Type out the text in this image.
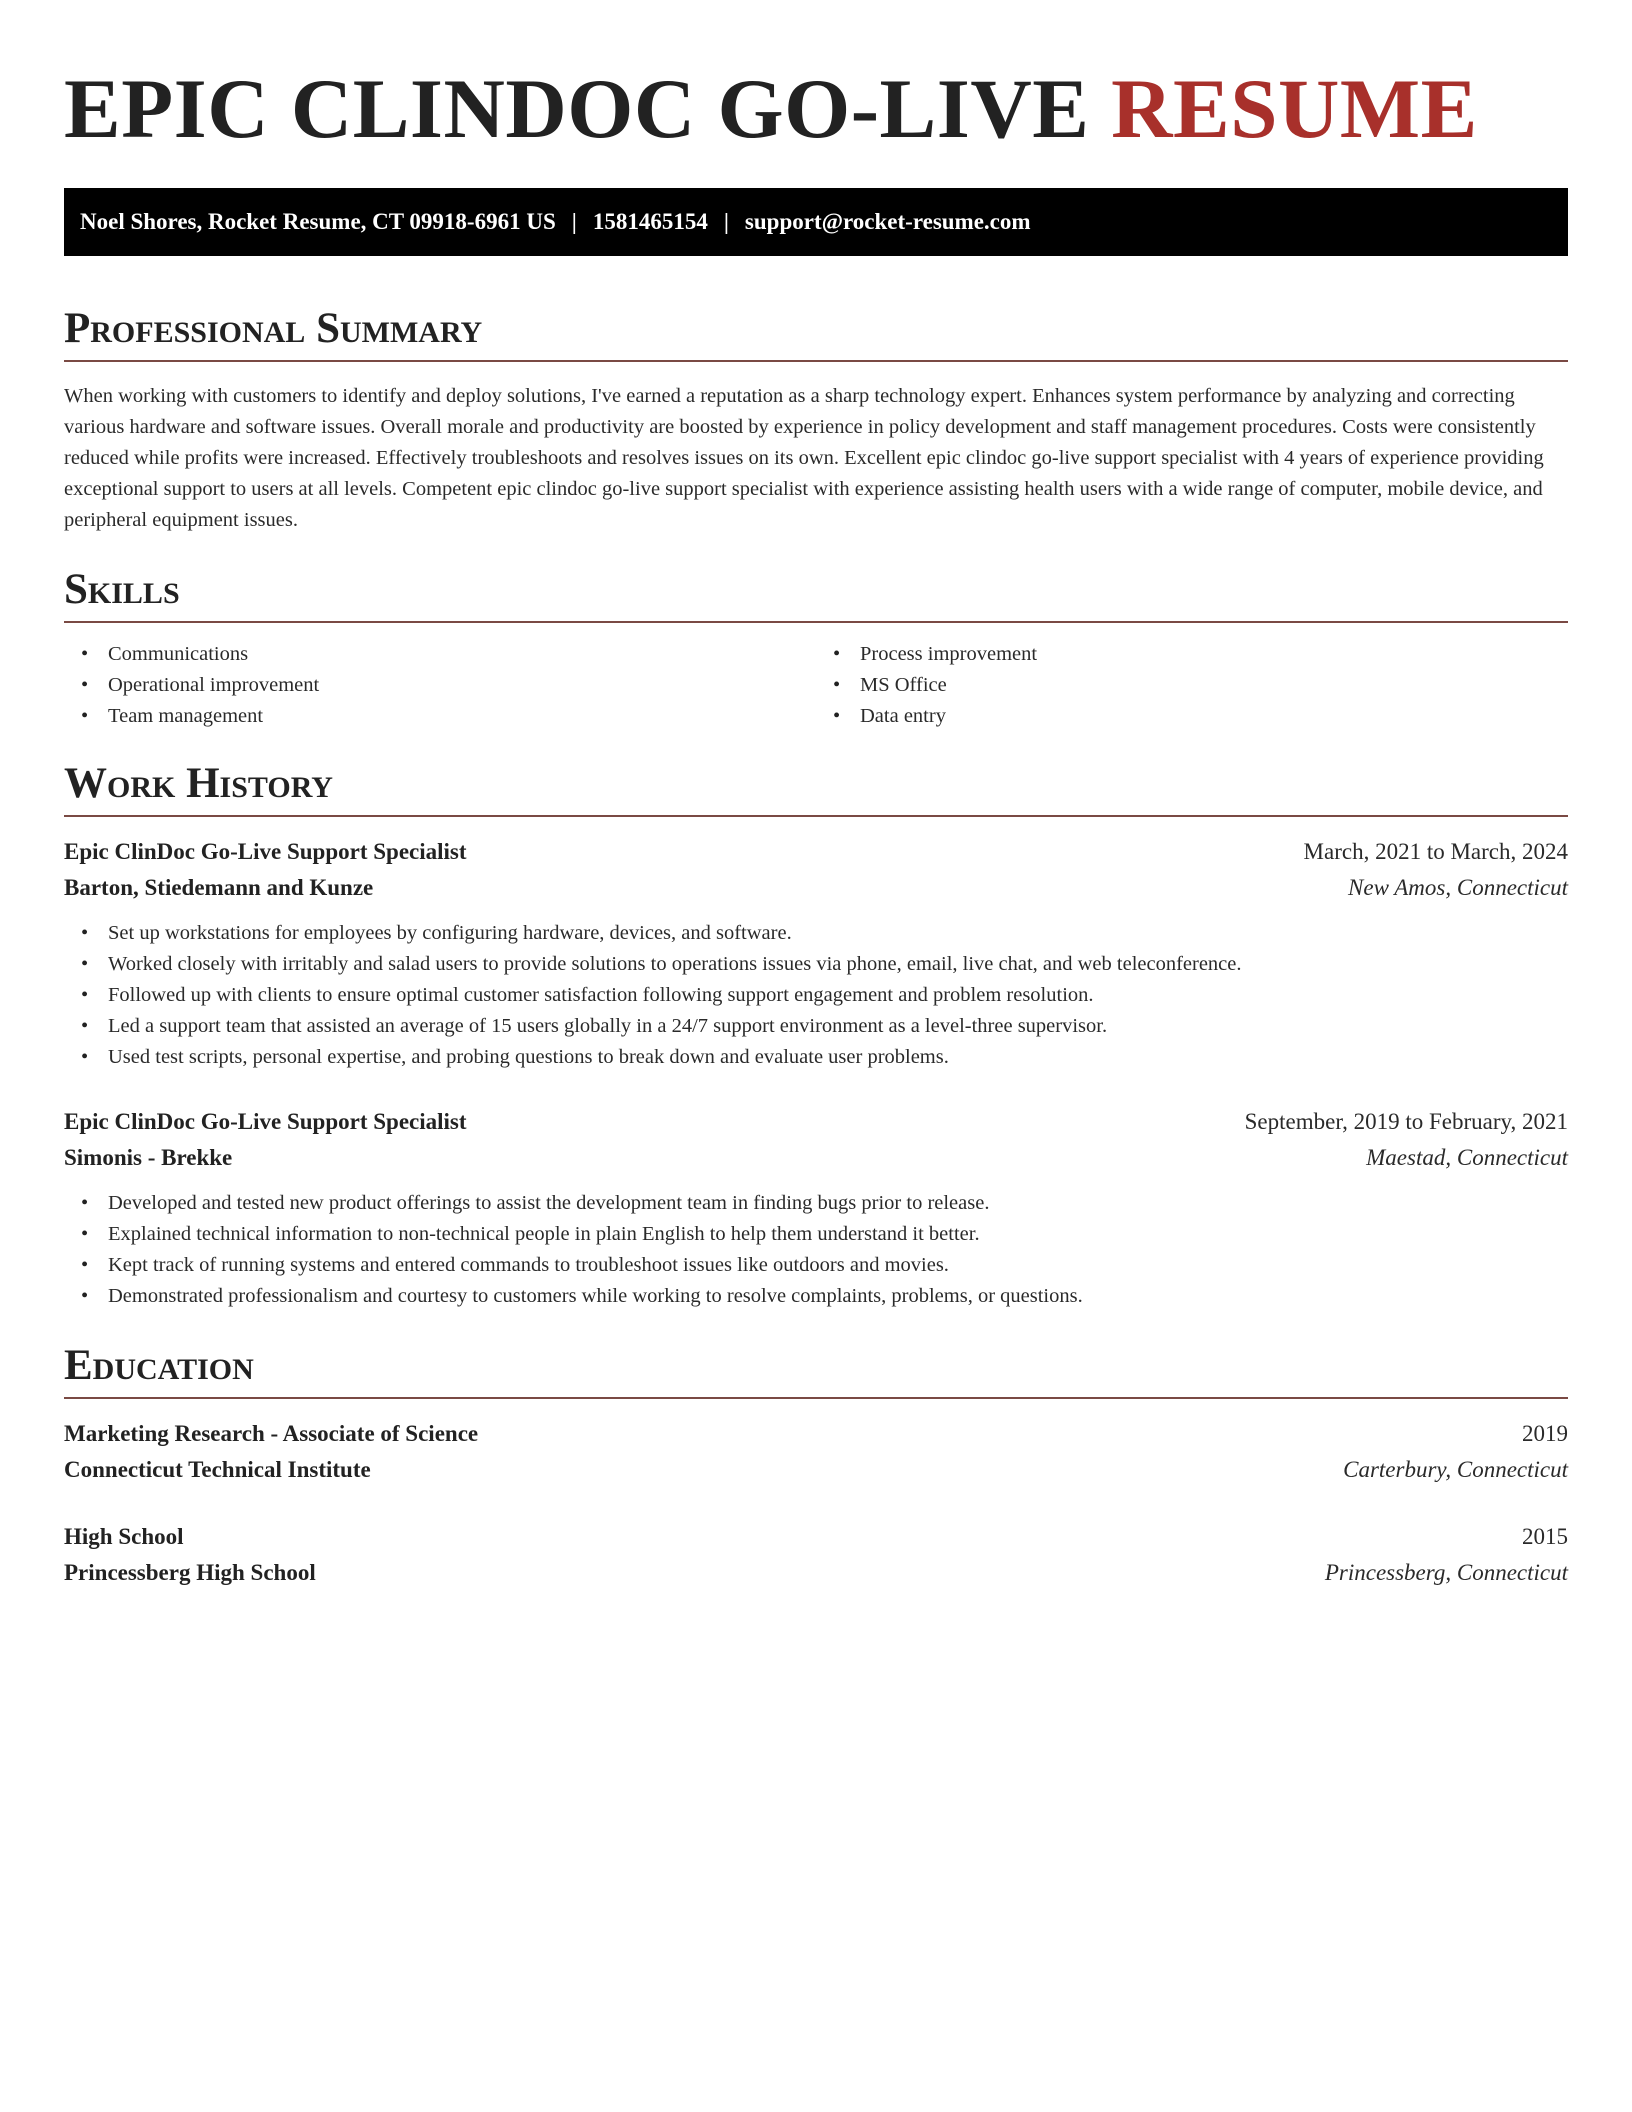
EPIC CLINDOC GO-LIVE RESUME
Noel Shores, Rocket Resume, CT 09918-6961 US | 1581465154 | support@rocket-resume.com
Professional Summary

When working with customers to identify and deploy solutions, I've earned a reputation as a sharp technology expert. Enhances system performance by analyzing and correcting various hardware and software issues. Overall morale and productivity are boosted by experience in policy development and staff management procedures. Costs were consistently reduced while profits were increased. Effectively troubleshoots and resolves issues on its own. Excellent epic clindoc go-live support specialist with 4 years of experience providing exceptional support to users at all levels. Competent epic clindoc go-live support specialist with experience assisting health users with a wide range of computer, mobile device, and peripheral equipment issues.

Skills
• Communications
• Operational improvement
• Team management
• Process improvement
• MS Office
• Data entry
Work History
Epic ClinDoc Go-Live Support Specialist	March, 2021 to March, 2024
Barton, Stiedemann and Kunze	New Amos, Connecticut
• Set up workstations for employees by configuring hardware, devices, and software.
• Worked closely with irritably and salad users to provide solutions to operations issues via phone, email, live chat, and web teleconference.
• Followed up with clients to ensure optimal customer satisfaction following support engagement and problem resolution.
• Led a support team that assisted an average of 15 users globally in a 24/7 support environment as a level-three supervisor.
• Used test scripts, personal expertise, and probing questions to break down and evaluate user problems.
Epic ClinDoc Go-Live Support Specialist	September, 2019 to February, 2021
Simonis - Brekke	Maestad, Connecticut
• Developed and tested new product offerings to assist the development team in finding bugs prior to release.
• Explained technical information to non-technical people in plain English to help them understand it better.
• Kept track of running systems and entered commands to troubleshoot issues like outdoors and movies.
• Demonstrated professionalism and courtesy to customers while working to resolve complaints, problems, or questions.
Education
Marketing Research - Associate of Science	2019
Connecticut Technical Institute	Carterbury, Connecticut
High School	2015
Princessberg High School	Princessberg, Connecticut
